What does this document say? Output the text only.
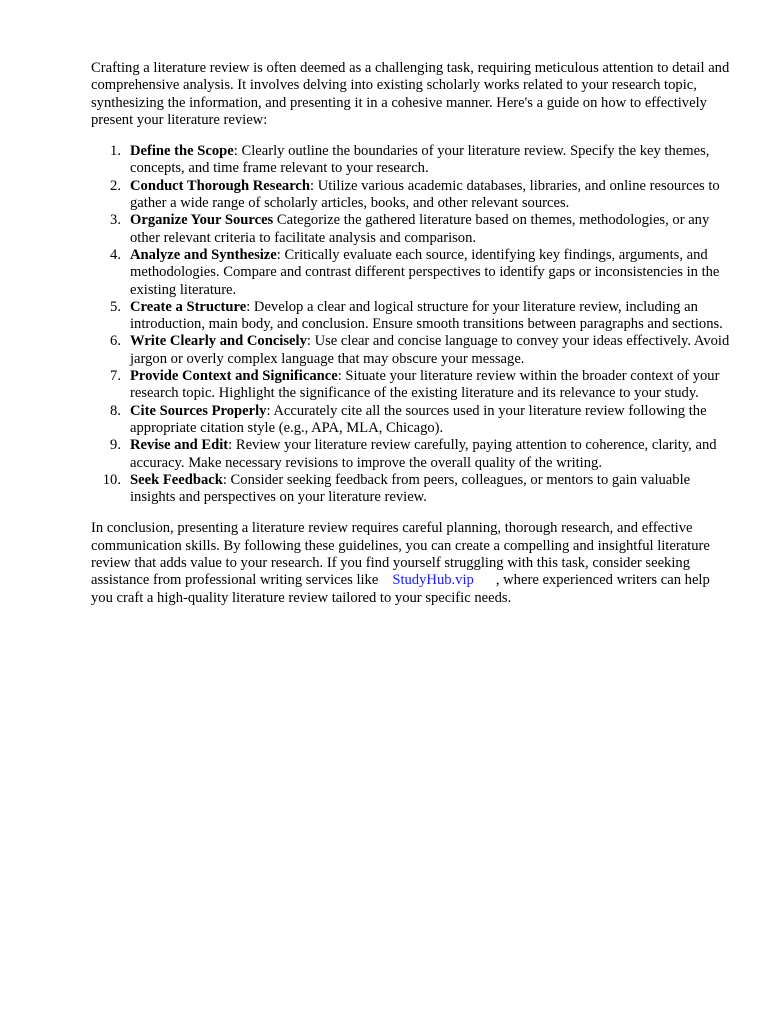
Crafting a literature review is often deemed as a challenging task, requiring meticulous attention to detail and comprehensive analysis. It involves delving into existing scholarly works related to your research topic, synthesizing the information, and presenting it in a cohesive manner. Here's a guide on how to effectively present your literature review:

1. Define the Scope: Clearly outline the boundaries of your literature review. Specify the key themes, concepts, and time frame relevant to your research.
2. Conduct Thorough Research: Utilize various academic databases, libraries, and online resources to gather a wide range of scholarly articles, books, and other relevant sources.
3. Organize Your Sources Categorize the gathered literature based on themes, methodologies, or any other relevant criteria to facilitate analysis and comparison.
4. Analyze and Synthesize: Critically evaluate each source, identifying key findings, arguments, and methodologies. Compare and contrast different perspectives to identify gaps or inconsistencies in the existing literature.
5. Create a Structure: Develop a clear and logical structure for your literature review, including an introduction, main body, and conclusion. Ensure smooth transitions between paragraphs and sections.
6. Write Clearly and Concisely: Use clear and concise language to convey your ideas effectively. Avoid jargon or overly complex language that may obscure your message.
7. Provide Context and Significance: Situate your literature review within the broader context of your research topic. Highlight the significance of the existing literature and its relevance to your study.
8. Cite Sources Properly: Accurately cite all the sources used in your literature review following the appropriate citation style (e.g., APA, MLA, Chicago).
9. Revise and Edit: Review your literature review carefully, paying attention to coherence, clarity, and accuracy. Make necessary revisions to improve the overall quality of the writing.
10. Seek Feedback: Consider seeking feedback from peers, colleagues, or mentors to gain valuable insights and perspectives on your literature review.

In conclusion, presenting a literature review requires careful planning, thorough research, and effective communication skills. By following these guidelines, you can create a compelling and insightful literature review that adds value to your research. If you find yourself struggling with this task, consider seeking assistance from professional writing services like StudyHub.vip , where experienced writers can help you craft a high-quality literature review tailored to your specific needs.
